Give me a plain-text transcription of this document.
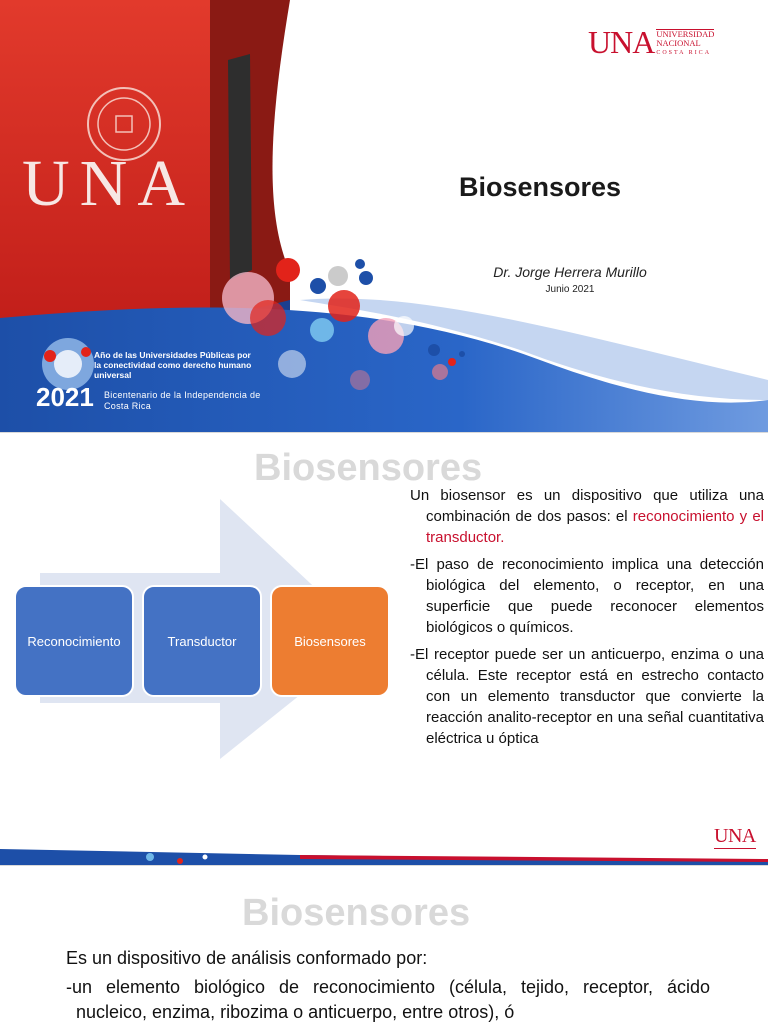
UNA
UNA UNIVERSIDAD
NACIONAL
COSTA RICA
Biosensores
Dr. Jorge Herrera Murillo
Junio 2021
Año de las Universidades Públicas por la conectividad como derecho humano universal
2021 Bicentenario de la Independencia de Costa Rica
Biosensores
Reconocimiento	Transductor	Biosensores

Un biosensor es un dispositivo que utiliza una combinación de dos pasos: el reconocimiento y el transductor.

-El paso de reconocimiento implica una detección biológica del elemento, o receptor, en una superficie que puede reconocer elementos biológicos o químicos.

-El receptor puede ser un anticuerpo, enzima o una célula. Este receptor está en estrecho contacto con un elemento transductor que convierte la reacción analito-receptor en una señal cuantitativa eléctrica u óptica

UNA
Biosensores

Es un dispositivo de análisis conformado por:

-un elemento biológico de reconocimiento (célula, tejido, receptor, ácido nucleico, enzima, ribozima o anticuerpo, entre otros), ó
